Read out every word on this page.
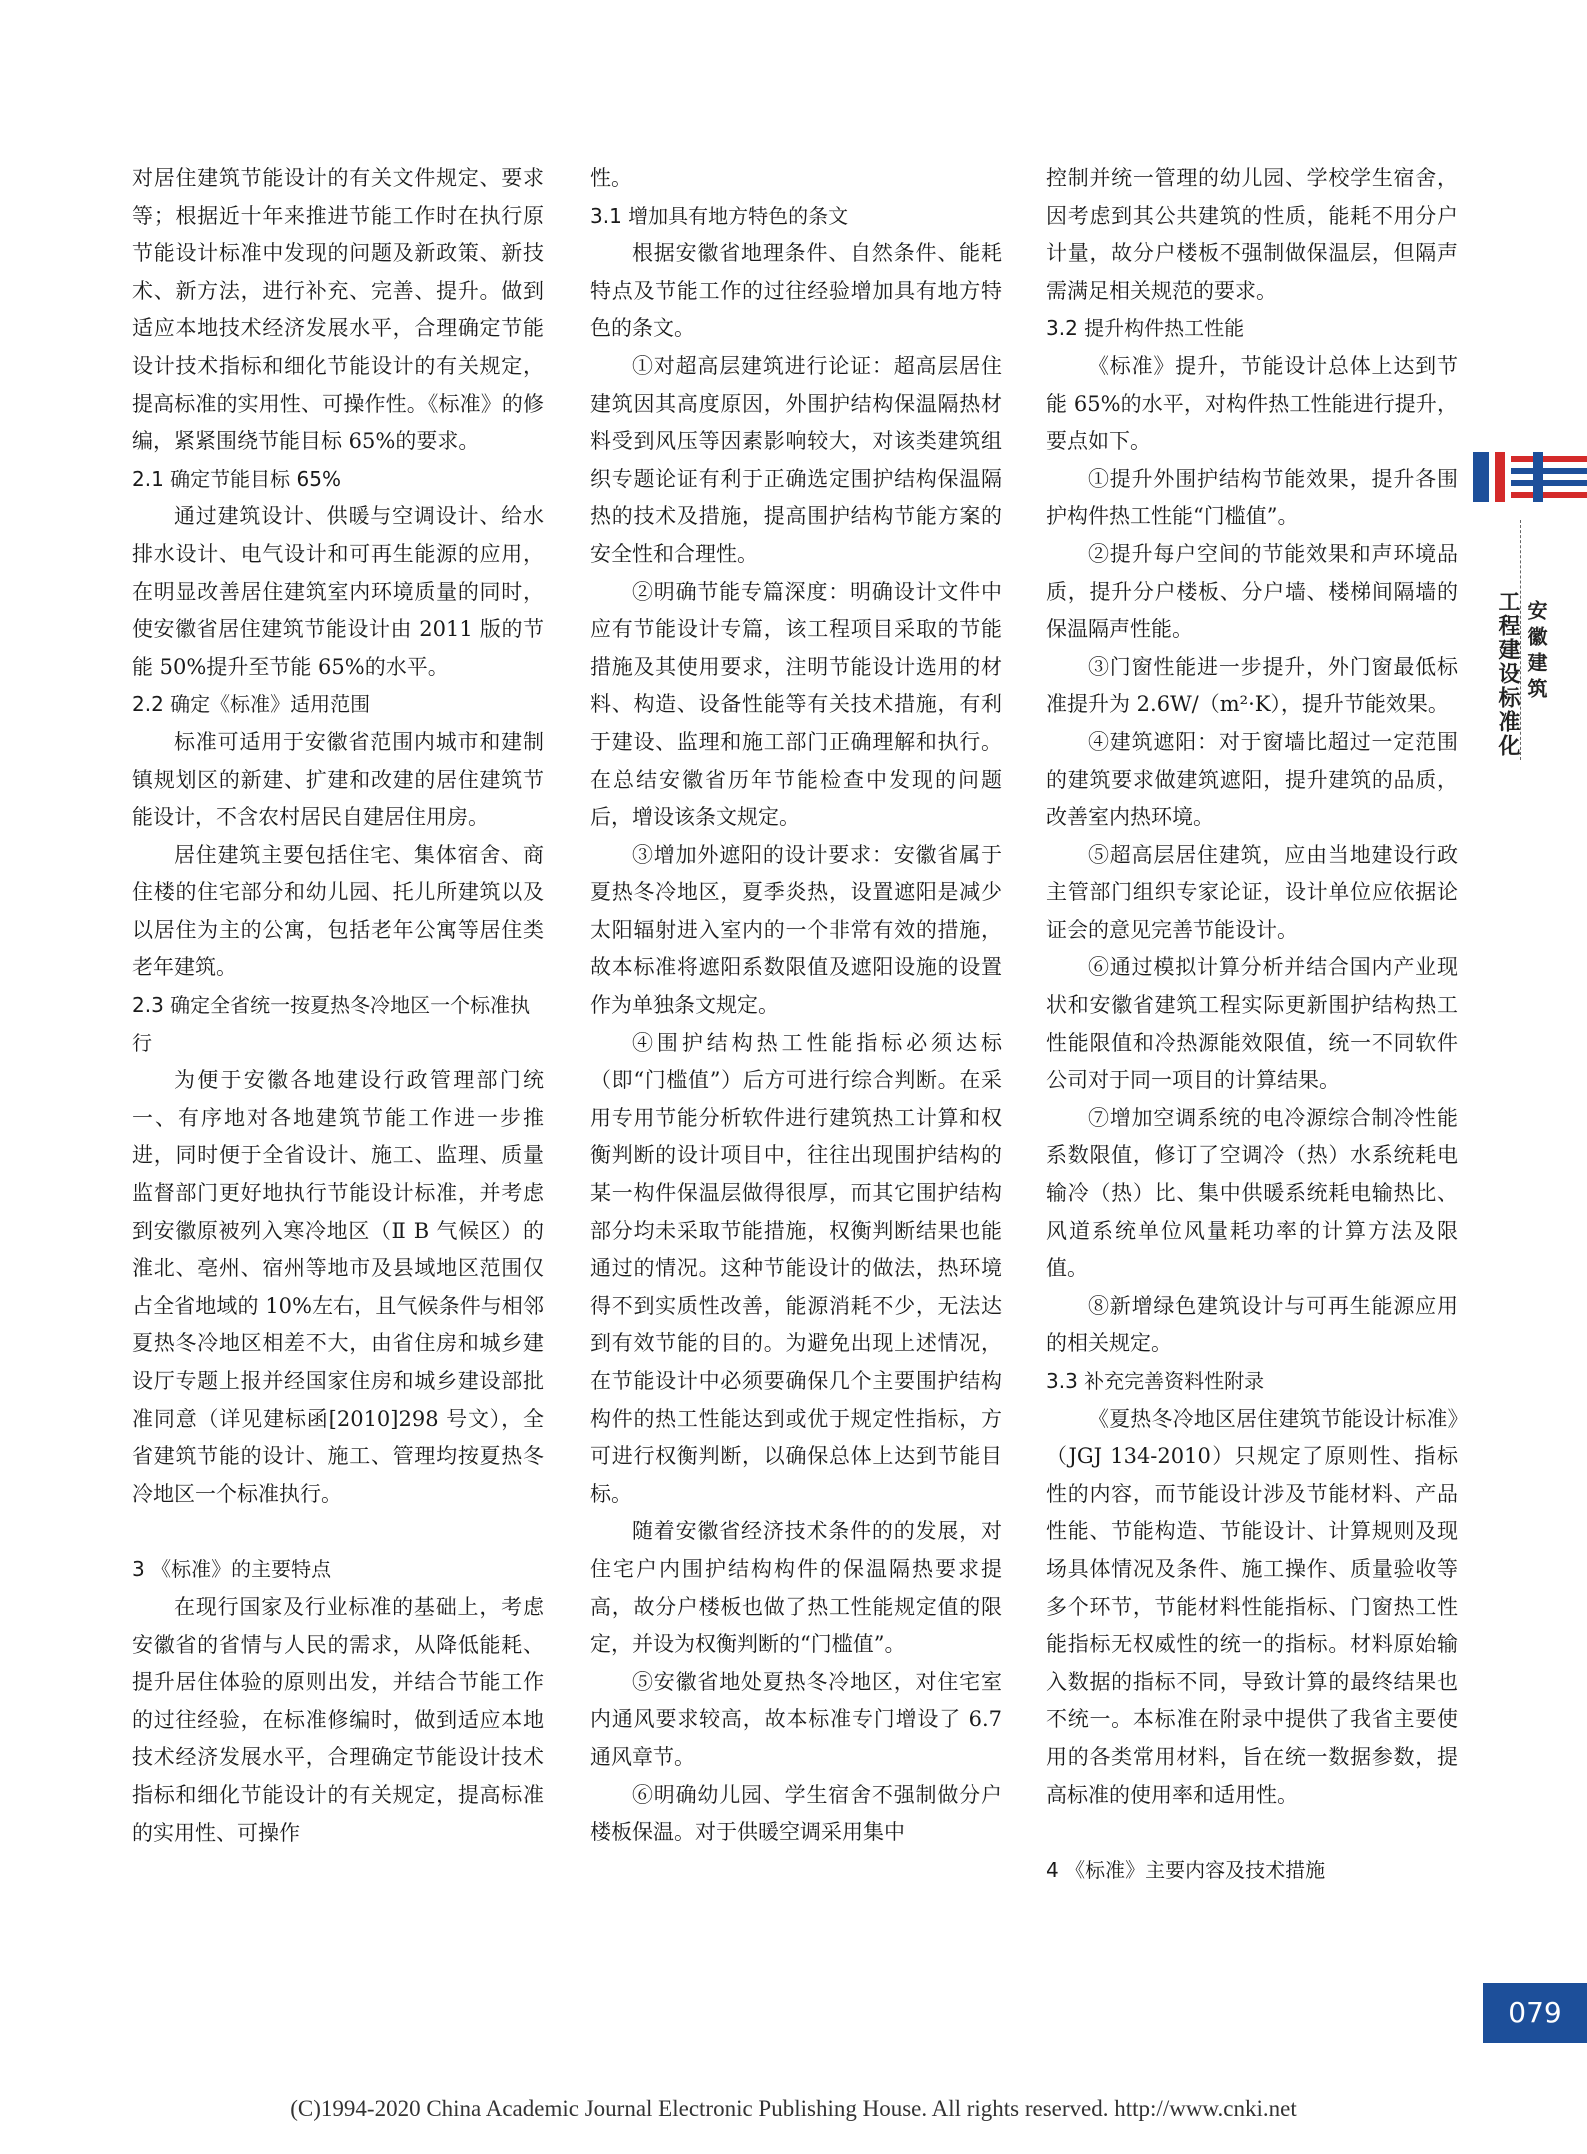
对居住建筑节能设计的有关文件规定、要求等；根据近十年来推进节能工作时在执行原节能设计标准中发现的问题及新政策、新技术、新方法，进行补充、完善、提升。做到适应本地技术经济发展水平，合理确定节能设计技术指标和细化节能设计的有关规定，提高标准的实用性、可操作性。《标准》的修编，紧紧围绕节能目标 65%的要求。

2.1 确定节能目标 65%

通过建筑设计、供暖与空调设计、给水排水设计、电气设计和可再生能源的应用，在明显改善居住建筑室内环境质量的同时，使安徽省居住建筑节能设计由 2011 版的节能 50%提升至节能 65%的水平。

2.2 确定《标准》适用范围

标准可适用于安徽省范围内城市和建制镇规划区的新建、扩建和改建的居住建筑节能设计，不含农村居民自建居住用房。

居住建筑主要包括住宅、集体宿舍、商住楼的住宅部分和幼儿园、托儿所建筑以及以居住为主的公寓，包括老年公寓等居住类老年建筑。

2.3 确定全省统一按夏热冬冷地区一个标准执行

为便于安徽各地建设行政管理部门统一、有序地对各地建筑节能工作进一步推进，同时便于全省设计、施工、监理、质量监督部门更好地执行节能设计标准，并考虑到安徽原被列入寒冷地区（Ⅱ B 气候区）的淮北、亳州、宿州等地市及县域地区范围仅占全省地域的 10%左右，且气候条件与相邻夏热冬冷地区相差不大，由省住房和城乡建设厅专题上报并经国家住房和城乡建设部批准同意（详见建标函[2010]298 号文），全省建筑节能的设计、施工、管理均按夏热冬冷地区一个标准执行。

3 《标准》的主要特点

在现行国家及行业标准的基础上，考虑安徽省的省情与人民的需求，从降低能耗、提升居住体验的原则出发，并结合节能工作的过往经验，在标准修编时，做到适应本地技术经济发展水平，合理确定节能设计技术指标和细化节能设计的有关规定，提高标准的实用性、可操作

性。

3.1 增加具有地方特色的条文

根据安徽省地理条件、自然条件、能耗特点及节能工作的过往经验增加具有地方特色的条文。

①对超高层建筑进行论证：超高层居住建筑因其高度原因，外围护结构保温隔热材料受到风压等因素影响较大，对该类建筑组织专题论证有利于正确选定围护结构保温隔热的技术及措施，提高围护结构节能方案的安全性和合理性。

②明确节能专篇深度：明确设计文件中应有节能设计专篇，该工程项目采取的节能措施及其使用要求，注明节能设计选用的材料、构造、设备性能等有关技术措施，有利于建设、监理和施工部门正确理解和执行。在总结安徽省历年节能检查中发现的问题后，增设该条文规定。

③增加外遮阳的设计要求：安徽省属于夏热冬冷地区，夏季炎热，设置遮阳是减少太阳辐射进入室内的一个非常有效的措施，故本标准将遮阳系数限值及遮阳设施的设置作为单独条文规定。

④围护结构热工性能指标必须达标（即“门槛值”）后方可进行综合判断。在采用专用节能分析软件进行建筑热工计算和权衡判断的设计项目中，往往出现围护结构的某一构件保温层做得很厚，而其它围护结构部分均未采取节能措施，权衡判断结果也能通过的情况。这种节能设计的做法，热环境得不到实质性改善，能源消耗不少，无法达到有效节能的目的。为避免出现上述情况，在节能设计中必须要确保几个主要围护结构构件的热工性能达到或优于规定性指标，方可进行权衡判断，以确保总体上达到节能目标。

随着安徽省经济技术条件的的发展，对住宅户内围护结构构件的保温隔热要求提高，故分户楼板也做了热工性能规定值的限定，并设为权衡判断的“门槛值”。

⑤安徽省地处夏热冬冷地区，对住宅室内通风要求较高，故本标准专门增设了 6.7 通风章节。

⑥明确幼儿园、学生宿舍不强制做分户楼板保温。对于供暖空调采用集中

控制并统一管理的幼儿园、学校学生宿舍，因考虑到其公共建筑的性质，能耗不用分户计量，故分户楼板不强制做保温层，但隔声需满足相关规范的要求。

3.2 提升构件热工性能

《标准》提升，节能设计总体上达到节能 65%的水平，对构件热工性能进行提升，要点如下。

①提升外围护结构节能效果，提升各围护构件热工性能“门槛值”。

②提升每户空间的节能效果和声环境品质，提升分户楼板、分户墙、楼梯间隔墙的保温隔声性能。

③门窗性能进一步提升，外门窗最低标准提升为 2.6W/（m²·K），提升节能效果。

④建筑遮阳：对于窗墙比超过一定范围的建筑要求做建筑遮阳，提升建筑的品质，改善室内热环境。

⑤超高层居住建筑，应由当地建设行政主管部门组织专家论证，设计单位应依据论证会的意见完善节能设计。

⑥通过模拟计算分析并结合国内产业现状和安徽省建筑工程实际更新围护结构热工性能限值和冷热源能效限值，统一不同软件公司对于同一项目的计算结果。

⑦增加空调系统的电冷源综合制冷性能系数限值，修订了空调冷（热）水系统耗电输冷（热）比、集中供暖系统耗电输热比、风道系统单位风量耗功率的计算方法及限值。

⑧新增绿色建筑设计与可再生能源应用的相关规定。

3.3 补充完善资料性附录

《夏热冬冷地区居住建筑节能设计标准》（JGJ 134-2010）只规定了原则性、指标性的内容，而节能设计涉及节能材料、产品性能、节能构造、节能设计、计算规则及现场具体情况及条件、施工操作、质量验收等多个环节，节能材料性能指标、门窗热工性能指标无权威性的统一的指标。材料原始输入数据的指标不同，导致计算的最终结果也不统一。本标准在附录中提供了我省主要使用的各类常用材料，旨在统一数据参数，提高标准的使用率和适用性。

4 《标准》主要内容及技术措施
工程建设标准化 安徽建筑
079
(C)1994-2020 China Academic Journal Electronic Publishing House. All rights reserved. http://www.cnki.net
